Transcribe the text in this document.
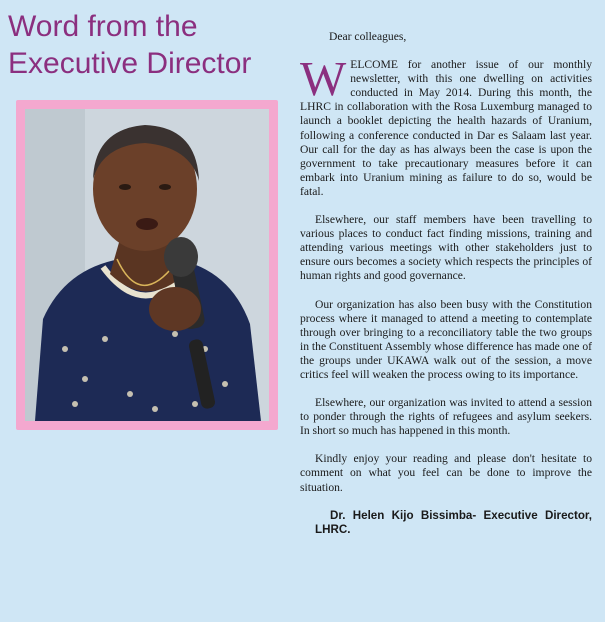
Word from the
Executive Director

Dear colleagues,

WELCOME for another issue of our monthly newsletter, with this one dwelling on activities conducted in May 2014. During this month, the LHRC in collaboration with the Rosa Luxemburg managed to launch a booklet depicting the health hazards of Uranium, following a conference conducted in Dar es Salaam last year. Our call for the day as has always been the case is upon the government to take precautionary measures before it can embark into Uranium mining as failure to do so, would be fatal.

Elsewhere, our staff members have been travelling to various places to conduct fact finding missions, training and attending various meetings with other stakeholders just to ensure ours becomes a society which respects the principles of human rights and good governance.

Our organization has also been busy with the Constitution process where it managed to attend a meeting to contemplate through over bringing to a reconciliatory table the two groups in the Constituent Assembly whose difference has made one of the groups under UKAWA walk out of the session, a move critics feel will weaken the process owing to its importance.

Elsewhere, our organization was invited to attend a session to ponder through the rights of refugees and asylum seekers. In short so much has happened in this month.

Kindly enjoy your reading and please don't hesitate to comment on what you feel can be done to improve the situation.

Dr. Helen Kijo Bissimba- Executive Director, LHRC.
